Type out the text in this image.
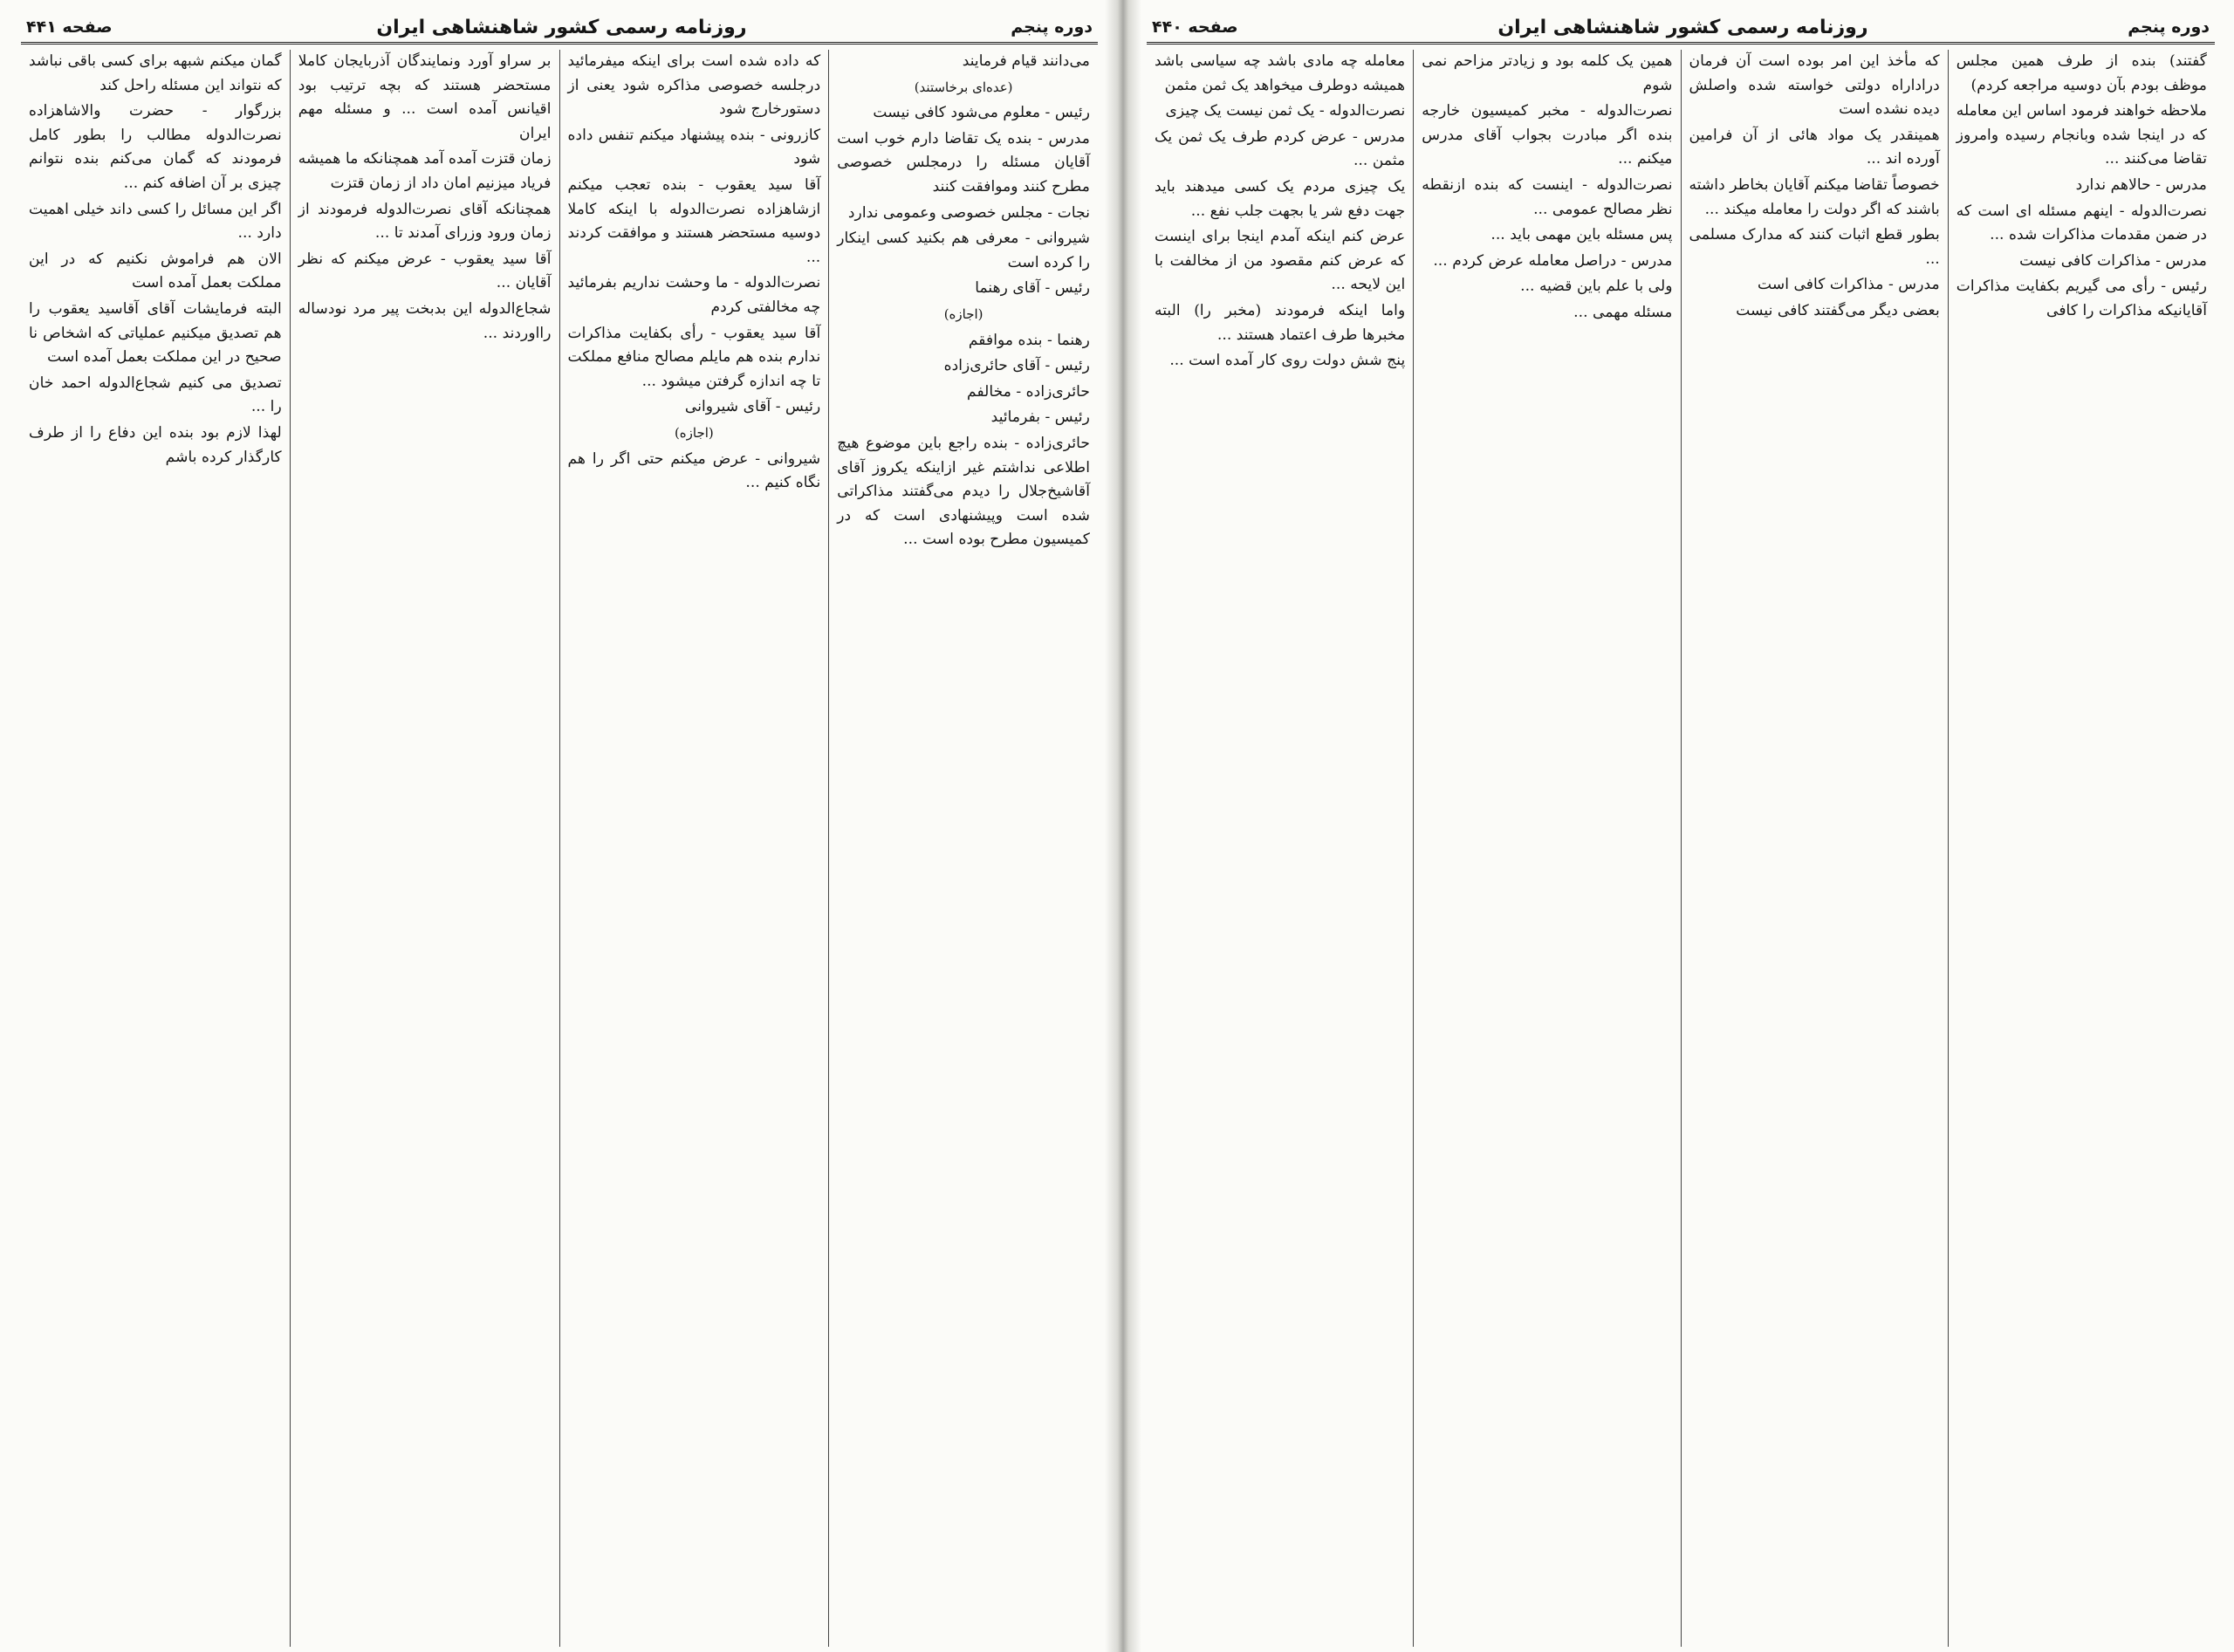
دوره پنجم
روزنامه رسمی کشور شاهنشاهی ایران
صفحه ۴۴۱

می‌دانند قیام فرمایند

(عده‌ای برخاستند)

رئیس - معلوم می‌شود کافی نیست

مدرس - بنده یک تقاضا دارم خوب است آقایان مسئله را درمجلس خصوصی مطرح کنند وموافقت کنند

نجات - مجلس خصوصی وعمومی ندارد

شیروانی - معرفی هم بکنید کسی اینکار را کرده است

رئیس - آقای رهنما

(اجازه)

رهنما - بنده موافقم

رئیس - آقای حائری‌زاده

حائری‌زاده - مخالفم

رئیس - بفرمائید

حائری‌زاده - بنده راجع باین موضوع هیچ اطلاعی نداشتم غیر ازاینکه یکروز آقای آقاشیخ‌جلال را دیدم می‌گفتند مذاکراتی شده است وپیشنهادی است که در کمیسیون مطرح بوده است ...

که داده شده است برای اینکه میفرمائید درجلسه خصوصی مذاکره شود یعنی از دستورخارج شود

کازرونی - بنده پیشنهاد میکنم تنفس داده شود

آقا سید یعقوب - بنده تعجب میکنم ازشاهزاده نصرت‌الدوله با اینکه کاملا دوسیه مستحضر هستند و موافقت کردند ...

نصرت‌الدوله - ما وحشت نداریم بفرمائید چه مخالفتی کردم

آقا سید یعقوب - رأی بکفایت مذاکرات ندارم بنده هم مایلم مصالح منافع مملکت تا چه اندازه گرفتن میشود ...

رئیس - آقای شیروانی

(اجازه)

شیروانی - عرض میکنم حتی اگر را هم نگاه کنیم ...

بر سراو آورد ونمایندگان آذربایجان کاملا مستحضر هستند که بچه ترتیب بود اقیانس آمده است ... و مسئله مهم ایران

زمان قتزت آمده آمد همچنانکه ما همیشه فریاد میزنیم امان داد از زمان قتزت

همچنانکه آقای نصرت‌الدوله فرمودند از زمان ورود وزرای آمدند تا ...

آقا سید یعقوب - عرض میکنم که نظر آقایان ...

شجاع‌الدوله این بدبخت پیر مرد نودساله رااوردند ...

گمان میکنم شبهه برای کسی باقی نباشد که نتواند این مسئله راحل کند

بزرگوار - حضرت والاشاهزاده نصرت‌الدوله مطالب را بطور کامل فرمودند که گمان می‌کنم بنده نتوانم چیزی بر آن اضافه کنم ...

اگر این مسائل را کسی داند خیلی اهمیت دارد ...

الان هم فراموش نکنیم که در این مملکت بعمل آمده است

البته فرمایشات آقای آقاسید یعقوب را هم تصدیق میکنیم عملیاتی که اشخاص نا صحیح در این مملکت بعمل آمده است

تصدیق می کنیم شجاع‌الدوله احمد خان را ...

لهذا لازم بود بنده این دفاع را از طرف کارگذار کرده باشم

دوره پنجم
روزنامه رسمی کشور شاهنشاهی ایران
صفحه ۴۴۰

گفتند) بنده از طرف همین مجلس موظف بودم بآن دوسیه مراجعه کردم)

ملاحظه خواهند فرمود اساس این معامله که در اینجا شده وبانجام رسیده وامروز تقاضا می‌کنند ...

مدرس - حالاهم ندارد

نصرت‌الدوله - اینهم مسئله ای است که در ضمن مقدمات مذاکرات شده ...

مدرس - مذاکرات کافی نیست

رئیس - رأی می گیریم بکفایت مذاکرات آقایانیکه مذاکرات را کافی

که مأخذ این امر بوده است آن فرمان دراداراه دولتی خواسته شده واصلش دیده نشده است

همینقدر یک مواد هائی از آن فرامین آورده اند ...

خصوصاً تقاضا میکنم آقایان بخاطر داشته باشند که اگر دولت را معامله میکند ...

بطور قطع اثبات کنند که مدارک مسلمی ...

مدرس - مذاکرات کافی است

بعضی دیگر می‌گفتند کافی نیست

همین یک کلمه بود و زیادتر مزاحم نمی شوم

نصرت‌الدوله - مخبر کمیسیون خارجه بنده اگر مبادرت بجواب آقای مدرس میکنم ...

نصرت‌الدوله - اینست که بنده ازنقطه نظر مصالح عمومی ...

پس مسئله باین مهمی باید ...

مدرس - دراصل معامله عرض کردم ...

ولی با علم باین قضیه ...

مسئله مهمی ...

معامله چه مادی باشد چه سیاسی باشد همیشه دوطرف میخواهد یک ثمن مثمن

نصرت‌الدوله - یک ثمن نیست یک چیزی

مدرس - عرض کردم طرف یک ثمن یک مثمن ...

یک چیزی مردم یک کسی میدهند باید جهت دفع شر یا بجهت جلب نفع ...

عرض کنم اینکه آمدم اینجا برای اینست که عرض کنم مقصود من از مخالفت با این لایحه ...

واما اینکه فرمودند (مخبر را) البته مخبرها طرف اعتماد هستند ...

پنج شش دولت روی کار آمده است ...
